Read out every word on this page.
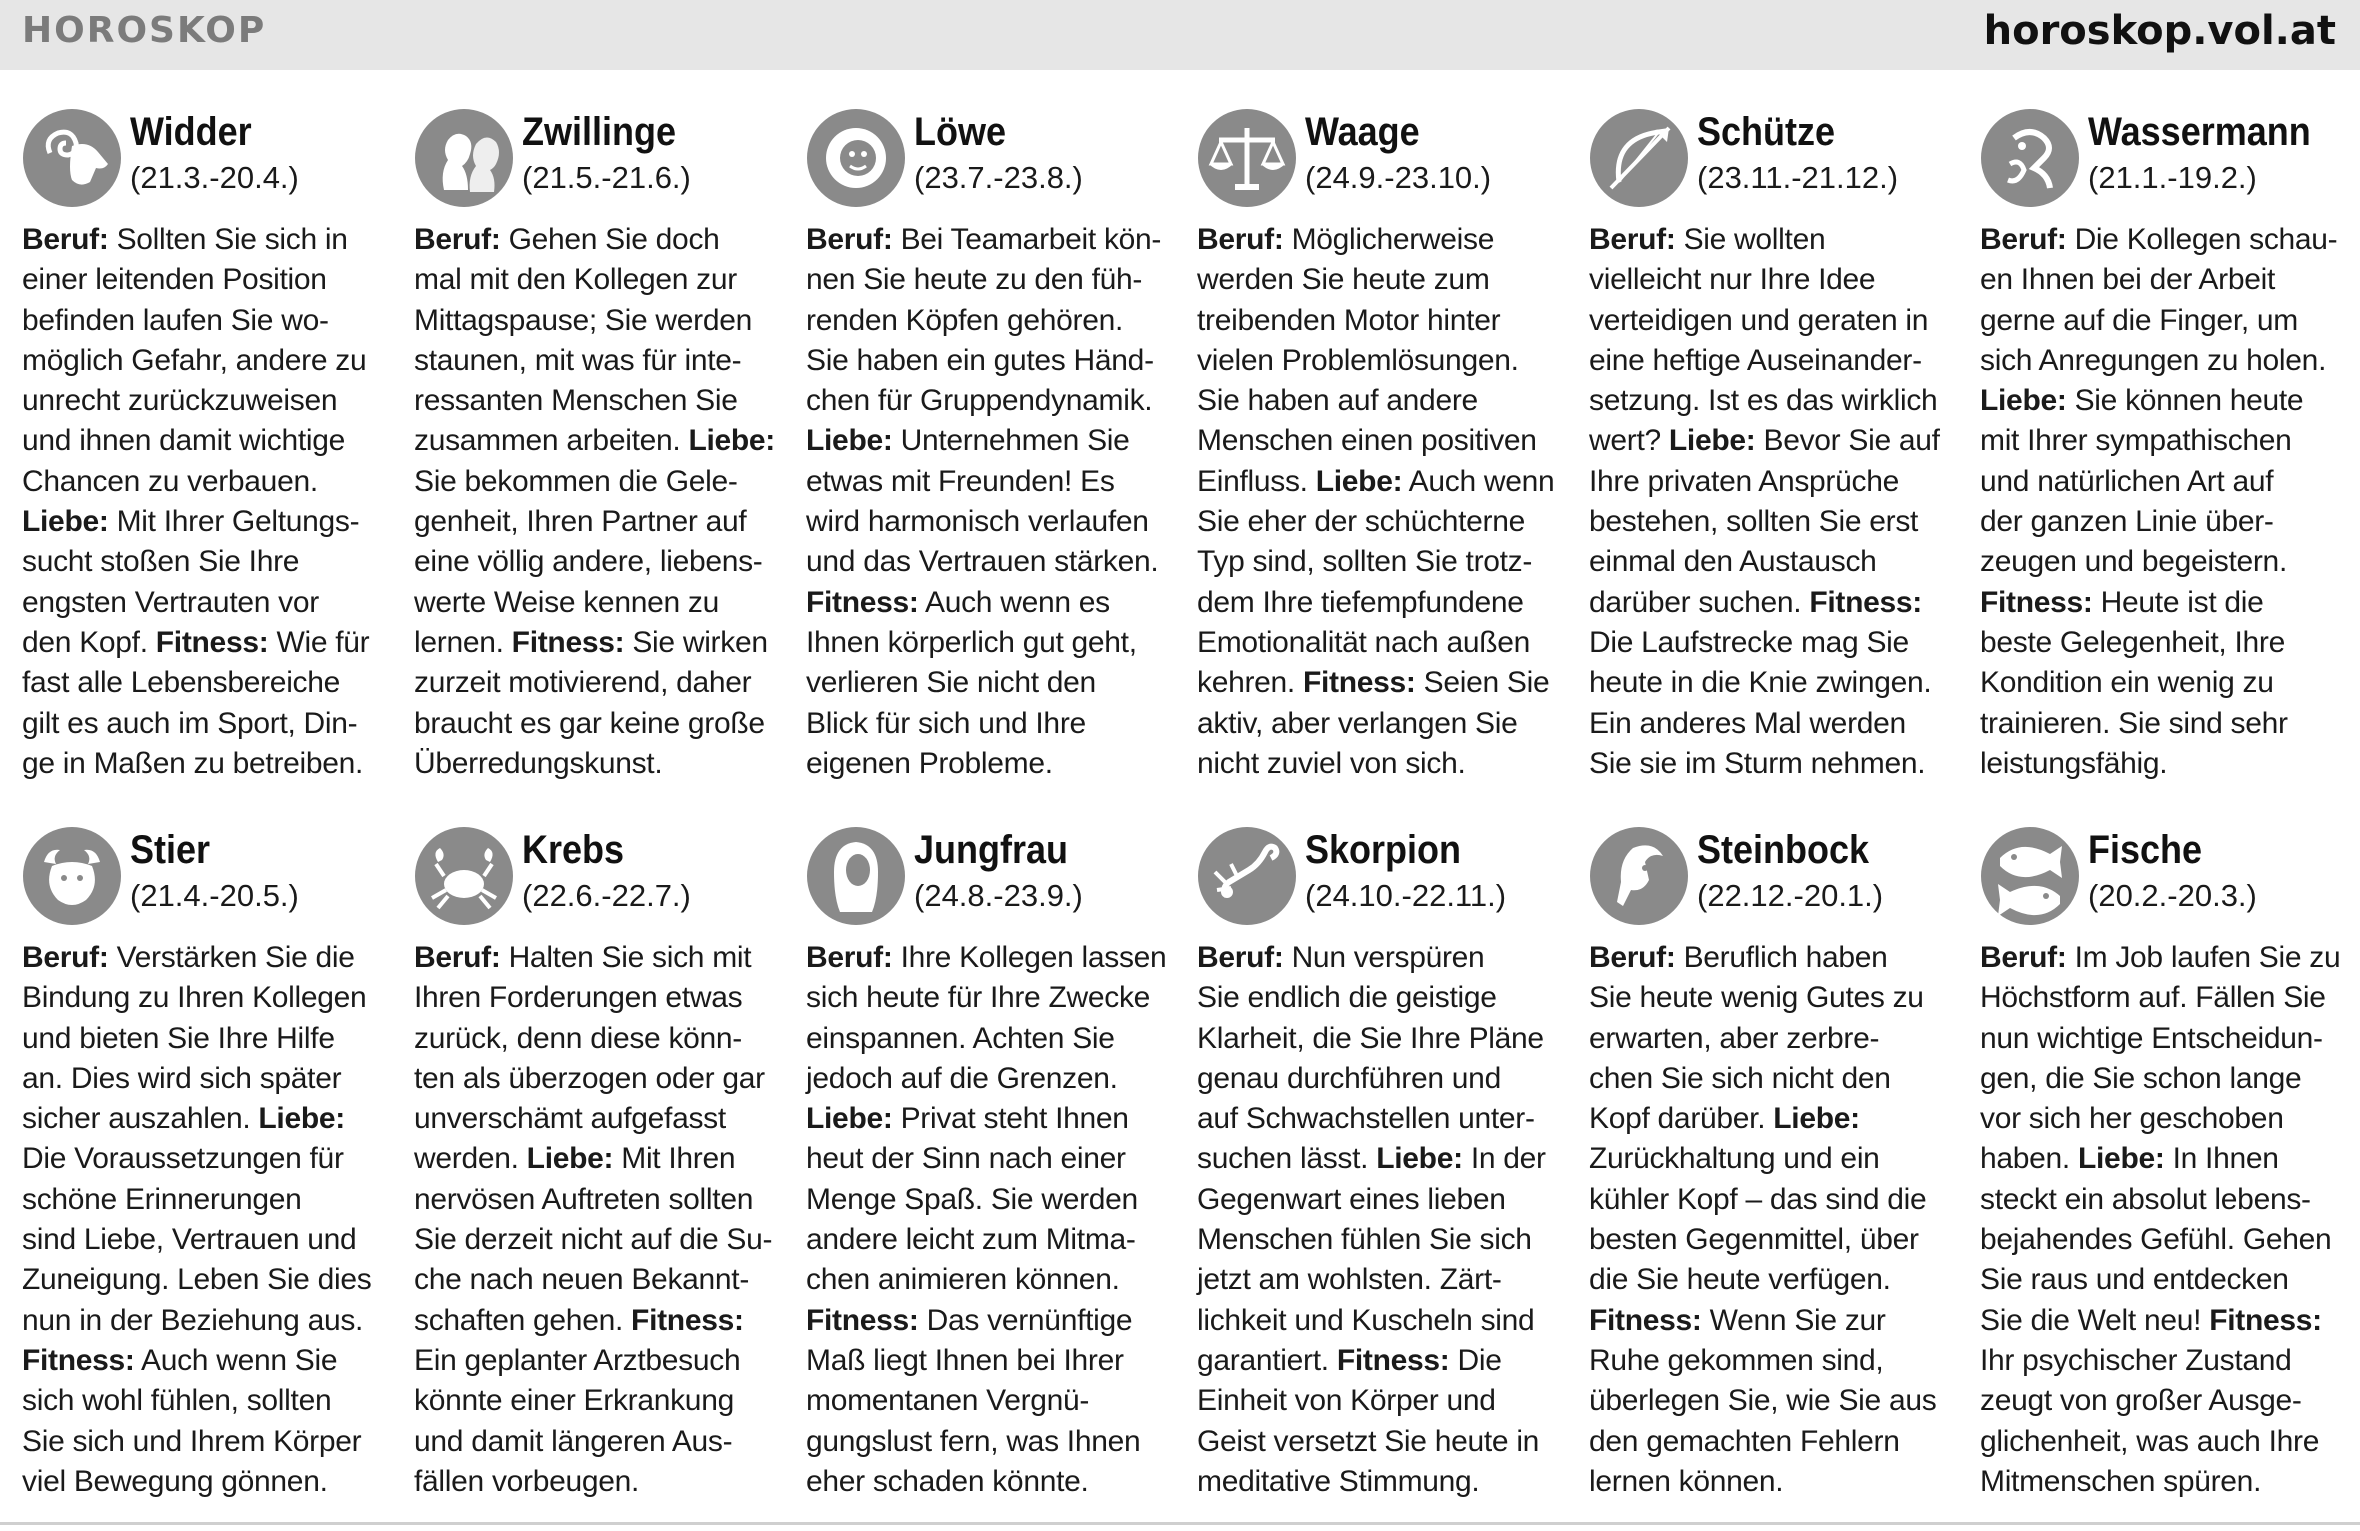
HOROSKOP	horoskop.vol.at
Widder
(21.3.-20.4.)
Beruf: Sollten Sie sich in
einer leitenden Position
befinden laufen Sie wo-
möglich Gefahr, andere zu
unrecht zurückzuweisen
und ihnen damit wichtige
Chancen zu verbauen.
Liebe: Mit Ihrer Geltungs-
sucht stoßen Sie Ihre
engsten Vertrauten vor
den Kopf. Fitness: Wie für
fast alle Lebensbereiche
gilt es auch im Sport, Din-
ge in Maßen zu betreiben.
Zwillinge
(21.5.-21.6.)
Beruf: Gehen Sie doch
mal mit den Kollegen zur
Mittagspause; Sie werden
staunen, mit was für inte-
ressanten Menschen Sie
zusammen arbeiten. Liebe:
Sie bekommen die Gele-
genheit, Ihren Partner auf
eine völlig andere, liebens-
werte Weise kennen zu
lernen. Fitness: Sie wirken
zurzeit motivierend, daher
braucht es gar keine große
Überredungskunst.
Löwe
(23.7.-23.8.)
Beruf: Bei Teamarbeit kön-
nen Sie heute zu den füh-
renden Köpfen gehören.
Sie haben ein gutes Händ-
chen für Gruppendynamik.
Liebe: Unternehmen Sie
etwas mit Freunden! Es
wird harmonisch verlaufen
und das Vertrauen stärken.
Fitness: Auch wenn es
Ihnen körperlich gut geht,
verlieren Sie nicht den
Blick für sich und Ihre
eigenen Probleme.
Waage
(24.9.-23.10.)
Beruf: Möglicherweise
werden Sie heute zum
treibenden Motor hinter
vielen Problemlösungen.
Sie haben auf andere
Menschen einen positiven
Einfluss. Liebe: Auch wenn
Sie eher der schüchterne
Typ sind, sollten Sie trotz-
dem Ihre tiefempfundene
Emotionalität nach außen
kehren. Fitness: Seien Sie
aktiv, aber verlangen Sie
nicht zuviel von sich.
Schütze
(23.11.-21.12.)
Beruf: Sie wollten
vielleicht nur Ihre Idee
verteidigen und geraten in
eine heftige Auseinander-
setzung. Ist es das wirklich
wert? Liebe: Bevor Sie auf
Ihre privaten Ansprüche
bestehen, sollten Sie erst
einmal den Austausch
darüber suchen. Fitness:
Die Laufstrecke mag Sie
heute in die Knie zwingen.
Ein anderes Mal werden
Sie sie im Sturm nehmen.
Wassermann
(21.1.-19.2.)
Beruf: Die Kollegen schau-
en Ihnen bei der Arbeit
gerne auf die Finger, um
sich Anregungen zu holen.
Liebe: Sie können heute
mit Ihrer sympathischen
und natürlichen Art auf
der ganzen Linie über-
zeugen und begeistern.
Fitness: Heute ist die
beste Gelegenheit, Ihre
Kondition ein wenig zu
trainieren. Sie sind sehr
leistungsfähig.
Stier
(21.4.-20.5.)
Beruf: Verstärken Sie die
Bindung zu Ihren Kollegen
und bieten Sie Ihre Hilfe
an. Dies wird sich später
sicher auszahlen. Liebe:
Die Voraussetzungen für
schöne Erinnerungen
sind Liebe, Vertrauen und
Zuneigung. Leben Sie dies
nun in der Beziehung aus.
Fitness: Auch wenn Sie
sich wohl fühlen, sollten
Sie sich und Ihrem Körper
viel Bewegung gönnen.
Krebs
(22.6.-22.7.)
Beruf: Halten Sie sich mit
Ihren Forderungen etwas
zurück, denn diese könn-
ten als überzogen oder gar
unverschämt aufgefasst
werden. Liebe: Mit Ihren
nervösen Auftreten sollten
Sie derzeit nicht auf die Su-
che nach neuen Bekannt-
schaften gehen. Fitness:
Ein geplanter Arztbesuch
könnte einer Erkrankung
und damit längeren Aus-
fällen vorbeugen.
Jungfrau
(24.8.-23.9.)
Beruf: Ihre Kollegen lassen
sich heute für Ihre Zwecke
einspannen. Achten Sie
jedoch auf die Grenzen.
Liebe: Privat steht Ihnen
heut der Sinn nach einer
Menge Spaß. Sie werden
andere leicht zum Mitma-
chen animieren können.
Fitness: Das vernünftige
Maß liegt Ihnen bei Ihrer
momentanen Vergnü-
gungslust fern, was Ihnen
eher schaden könnte.
Skorpion
(24.10.-22.11.)
Beruf: Nun verspüren
Sie endlich die geistige
Klarheit, die Sie Ihre Pläne
genau durchführen und
auf Schwachstellen unter-
suchen lässt. Liebe: In der
Gegenwart eines lieben
Menschen fühlen Sie sich
jetzt am wohlsten. Zärt-
lichkeit und Kuscheln sind
garantiert. Fitness: Die
Einheit von Körper und
Geist versetzt Sie heute in
meditative Stimmung.
Steinbock
(22.12.-20.1.)
Beruf: Beruflich haben
Sie heute wenig Gutes zu
erwarten, aber zerbre-
chen Sie sich nicht den
Kopf darüber. Liebe:
Zurückhaltung und ein
kühler Kopf – das sind die
besten Gegenmittel, über
die Sie heute verfügen.
Fitness: Wenn Sie zur
Ruhe gekommen sind,
überlegen Sie, wie Sie aus
den gemachten Fehlern
lernen können.
Fische
(20.2.-20.3.)
Beruf: Im Job laufen Sie zu
Höchstform auf. Fällen Sie
nun wichtige Entscheidun-
gen, die Sie schon lange
vor sich her geschoben
haben. Liebe: In Ihnen
steckt ein absolut lebens-
bejahendes Gefühl. Gehen
Sie raus und entdecken
Sie die Welt neu! Fitness:
Ihr psychischer Zustand
zeugt von großer Ausge-
glichenheit, was auch Ihre
Mitmenschen spüren.
